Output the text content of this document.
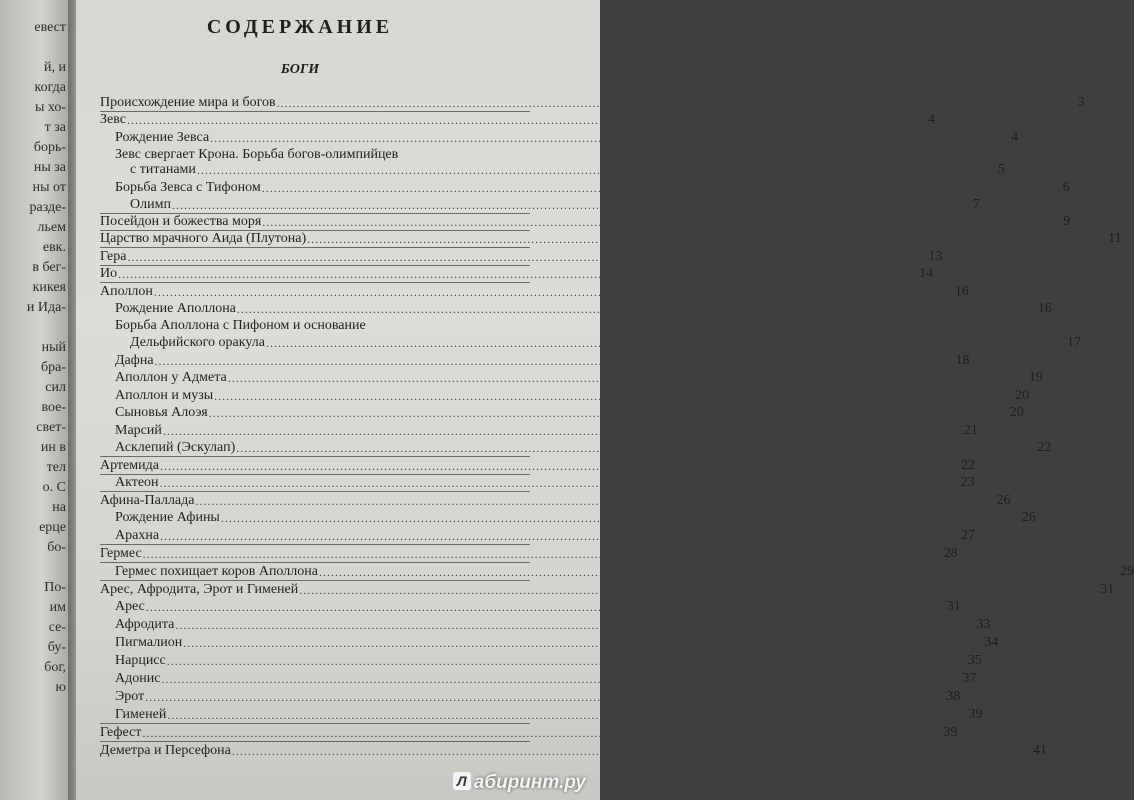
евест
й, и
когда
ы хо-
т за
борь-
ны за
ны от
разде-
льем
евк.
в бег-
кикея
и Ида-
ный
бра-
сил
вое-
свет-
ин в
тел
о. С
на
ерце
бо-
По-
им
се-
бу-
бог,
ю
СОДЕРЖАНИЕ
БОГИ
Происхождение мира и богов ........................................................................................................................................................................................................ 3
Зевс ........................................................................................................................................................................................................ 4
Рождение Зевса ........................................................................................................................................................................................................ 4
Зевс свергает Крона. Борьба богов-олимпийцев
с титанами ........................................................................................................................................................................................................ 5
Борьба Зевса с Тифоном ........................................................................................................................................................................................................ 6
Олимп ........................................................................................................................................................................................................ 7
Посейдон и божества моря ........................................................................................................................................................................................................ 9
Царство мрачного Аида (Плутона) ........................................................................................................................................................................................................ 11
Гера ........................................................................................................................................................................................................ 13
Ио ........................................................................................................................................................................................................ 14
Аполлон ........................................................................................................................................................................................................ 16
Рождение Аполлона ........................................................................................................................................................................................................ 16
Борьба Аполлона с Пифоном и основание
Дельфийского оракула ........................................................................................................................................................................................................ 17
Дафна ........................................................................................................................................................................................................ 18
Аполлон у Адмета ........................................................................................................................................................................................................ 19
Аполлон и музы ........................................................................................................................................................................................................ 20
Сыновья Алоэя ........................................................................................................................................................................................................ 20
Марсий ........................................................................................................................................................................................................ 21
Асклепий (Эскулап) ........................................................................................................................................................................................................ 22
Артемида ........................................................................................................................................................................................................ 22
Актеон ........................................................................................................................................................................................................ 23
Афина-Паллада ........................................................................................................................................................................................................ 26
Рождение Афины ........................................................................................................................................................................................................ 26
Арахна ........................................................................................................................................................................................................ 27
Гермес ........................................................................................................................................................................................................ 28
Гермес похищает коров Аполлона ........................................................................................................................................................................................................ 29
Арес, Афродита, Эрот и Гименей ........................................................................................................................................................................................................ 31
Арес ........................................................................................................................................................................................................ 31
Афродита ........................................................................................................................................................................................................ 33
Пигмалион ........................................................................................................................................................................................................ 34
Нарцисс ........................................................................................................................................................................................................ 35
Адонис ........................................................................................................................................................................................................ 37
Эрот ........................................................................................................................................................................................................ 38
Гименей ........................................................................................................................................................................................................ 39
Гефест ........................................................................................................................................................................................................ 39
Деметра и Персефона ........................................................................................................................................................................................................ 41
Л абиринт.ру
